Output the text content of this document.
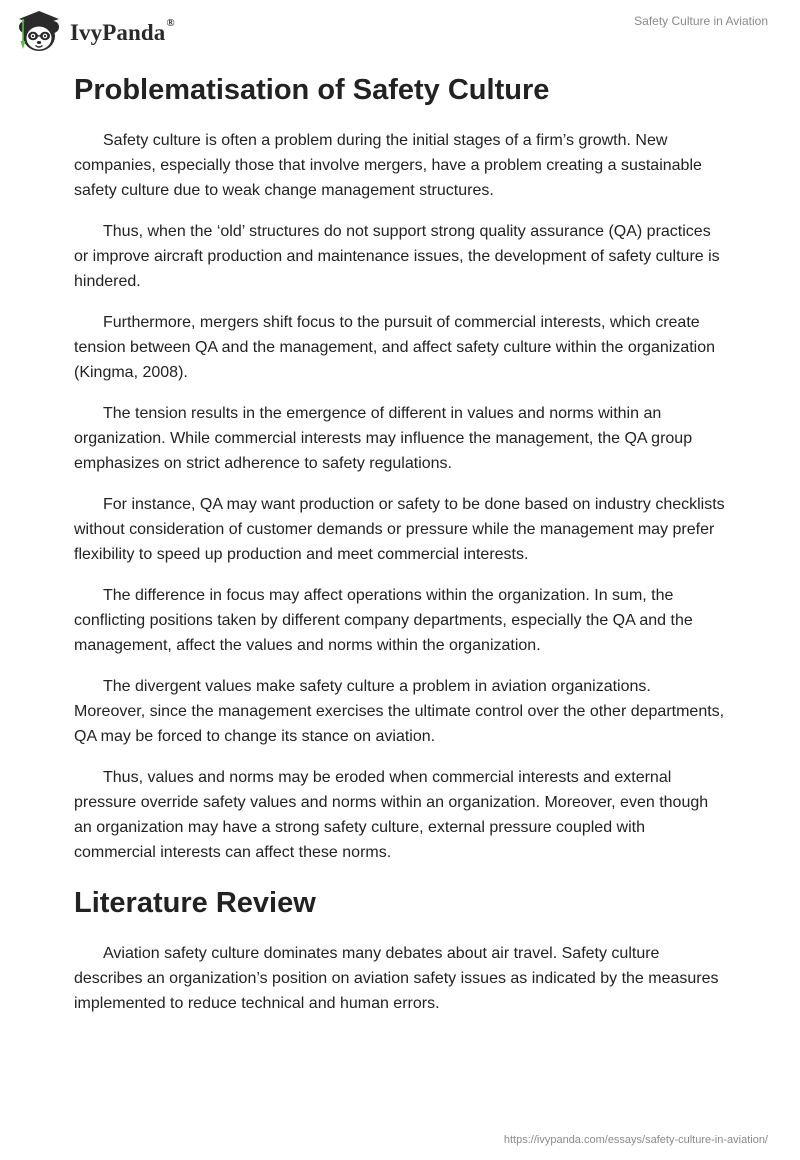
IvyPanda®	Safety Culture in Aviation
Problematisation of Safety Culture

Safety culture is often a problem during the initial stages of a firm’s growth. New companies, especially those that involve mergers, have a problem creating a sustainable safety culture due to weak change management structures.

Thus, when the ‘old’ structures do not support strong quality assurance (QA) practices or improve aircraft production and maintenance issues, the development of safety culture is hindered.

Furthermore, mergers shift focus to the pursuit of commercial interests, which create tension between QA and the management, and affect safety culture within the organization (Kingma, 2008).

The tension results in the emergence of different in values and norms within an organization. While commercial interests may influence the management, the QA group emphasizes on strict adherence to safety regulations.

For instance, QA may want production or safety to be done based on industry checklists without consideration of customer demands or pressure while the management may prefer flexibility to speed up production and meet commercial interests.

The difference in focus may affect operations within the organization. In sum, the conflicting positions taken by different company departments, especially the QA and the management, affect the values and norms within the organization.

The divergent values make safety culture a problem in aviation organizations. Moreover, since the management exercises the ultimate control over the other departments, QA may be forced to change its stance on aviation.

Thus, values and norms may be eroded when commercial interests and external pressure override safety values and norms within an organization. Moreover, even though an organization may have a strong safety culture, external pressure coupled with commercial interests can affect these norms.

Literature Review

Aviation safety culture dominates many debates about air travel. Safety culture describes an organization’s position on aviation safety issues as indicated by the measures implemented to reduce technical and human errors.

https://ivypanda.com/essays/safety-culture-in-aviation/
